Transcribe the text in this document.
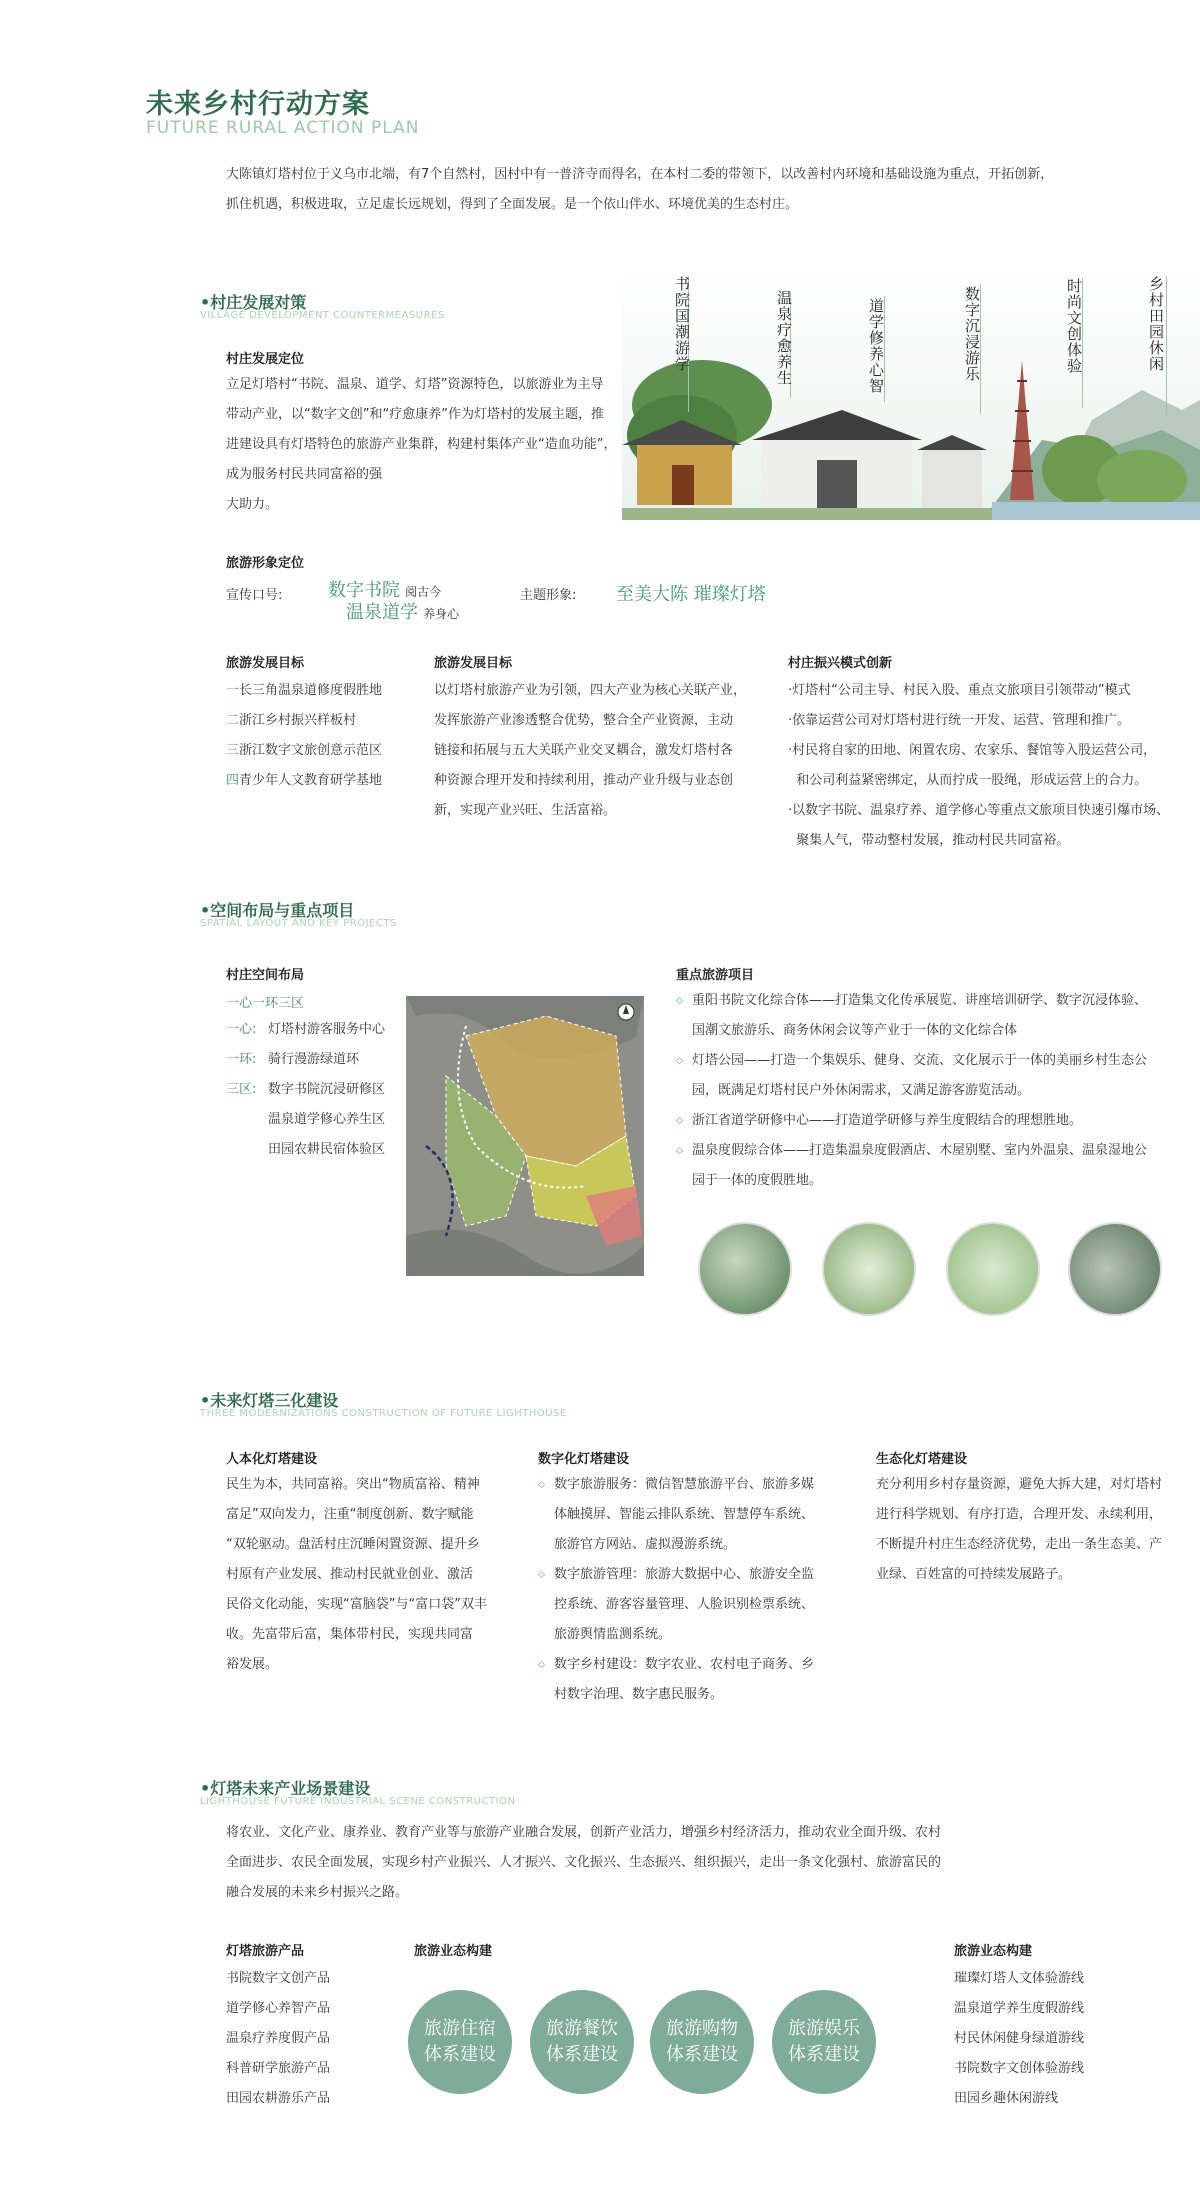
未来乡村行动方案
FUTURE RURAL ACTION PLAN
大陈镇灯塔村位于义乌市北端，有7个自然村，因村中有一普济寺而得名，在本村二委的带领下，以改善村内环境和基础设施为重点，开拓创新，
抓住机遇，积极进取，立足虚长远规划，得到了全面发展。是一个依山伴水、环境优美的生态村庄。
•村庄发展对策
VILLAGE DEVELOPMENT COUNTERMEASURES
村庄发展定位
立足灯塔村“书院、温泉、道学、灯塔”资源特色，以旅游业为主导
带动产业，以“数字文创”和“疗愈康养”作为灯塔村的发展主题，推
进建设具有灯塔特色的旅游产业集群，构建村集体产业“造血功能”，
成为服务村民共同富裕的强
大助力。
书院国潮游学	温泉疗愈养生	道学修养心智	数字沉浸游乐	时尚文创体验	乡村田园休闲
旅游形象定位
宣传口号:	数字书院 阅古今
温泉道学 养身心
主题形象: 至美大陈 璀璨灯塔
旅游发展目标
一长三角温泉道修度假胜地
二浙江乡村振兴样板村
三浙江数字文旅创意示范区
四青少年人文教育研学基地
旅游发展目标
以灯塔村旅游产业为引领，四大产业为核心关联产业，
发挥旅游产业渗透整合优势，整合全产业资源，主动
链接和拓展与五大关联产业交叉耦合，激发灯塔村各
种资源合理开发和持续利用，推动产业升级与业态创
新，实现产业兴旺、生活富裕。
村庄振兴模式创新
·灯塔村“公司主导、村民入股、重点文旅项目引领带动”模式
·依靠运营公司对灯塔村进行统一开发、运营、管理和推广。
·村民将自家的田地、闲置农房、农家乐、餐馆等入股运营公司，
和公司利益紧密绑定，从而拧成一股绳，形成运营上的合力。
·以数字书院、温泉疗养、道学修心等重点文旅项目快速引爆市场、
聚集人气，带动整村发展，推动村民共同富裕。
•空间布局与重点项目
SPATIAL LAYOUT AND KEY PROJECTS
村庄空间布局
一心一环三区
一心: 灯塔村游客服务中心
一环: 骑行漫游绿道环
三区: 数字书院沉浸研修区
温泉道学修心养生区
田园农耕民宿体验区
重点旅游项目
◇ 重阳书院文化综合体——打造集文化传承展览、讲座培训研学、数字沉浸体验、
国潮文旅游乐、商务休闲会议等产业于一体的文化综合体
◇ 灯塔公园——打造一个集娱乐、健身、交流、文化展示于一体的美丽乡村生态公
园，既满足灯塔村民户外休闲需求，又满足游客游览活动。
◇ 浙江省道学研修中心——打造道学研修与养生度假结合的理想胜地。
◇ 温泉度假综合体——打造集温泉度假酒店、木屋别墅、室内外温泉、温泉湿地公
园于一体的度假胜地。
•未来灯塔三化建设
THREE MODERNIZATIONS CONSTRUCTION OF FUTURE LIGHTHOUSE
人本化灯塔建设
民生为本，共同富裕。突出“物质富裕、精神
富足”双向发力，注重“制度创新、数字赋能
“双轮驱动。盘活村庄沉睡闲置资源、提升乡
村原有产业发展、推动村民就业创业、激活
民俗文化动能，实现“富脑袋”与“富口袋”双丰
收。先富带后富，集体带村民，实现共同富
裕发展。
数字化灯塔建设
◇ 数字旅游服务：微信智慧旅游平台、旅游多媒
体触摸屏、智能云排队系统、智慧停车系统、
旅游官方网站、虚拟漫游系统。
◇ 数字旅游管理：旅游大数据中心、旅游安全监
控系统、游客容量管理、人脸识别检票系统、
旅游舆情监测系统。
◇ 数字乡村建设：数字农业、农村电子商务、乡
村数字治理、数字惠民服务。
生态化灯塔建设
充分利用乡村存量资源，避免大拆大建，对灯塔村
进行科学规划、有序打造，合理开发、永续利用，
不断提升村庄生态经济优势，走出一条生态美、产
业绿、百姓富的可持续发展路子。
•灯塔未来产业场景建设
LIGHTHOUSE FUTURE INDUSTRIAL SCENE CONSTRUCTION
将农业、文化产业、康养业、教育产业等与旅游产业融合发展，创新产业活力，增强乡村经济活力，推动农业全面升级、农村
全面进步、农民全面发展，实现乡村产业振兴、人才振兴、文化振兴、生态振兴、组织振兴，走出一条文化强村、旅游富民的
融合发展的未来乡村振兴之路。
灯塔旅游产品
书院数字文创产品
道学修心养智产品
温泉疗养度假产品
科普研学旅游产品
田园农耕游乐产品
旅游业态构建
旅游住宿
体系建设
旅游餐饮
体系建设
旅游购物
体系建设
旅游娱乐
体系建设
旅游业态构建
璀璨灯塔人文体验游线
温泉道学养生度假游线
村民休闲健身绿道游线
书院数字文创体验游线
田园乡趣休闲游线
